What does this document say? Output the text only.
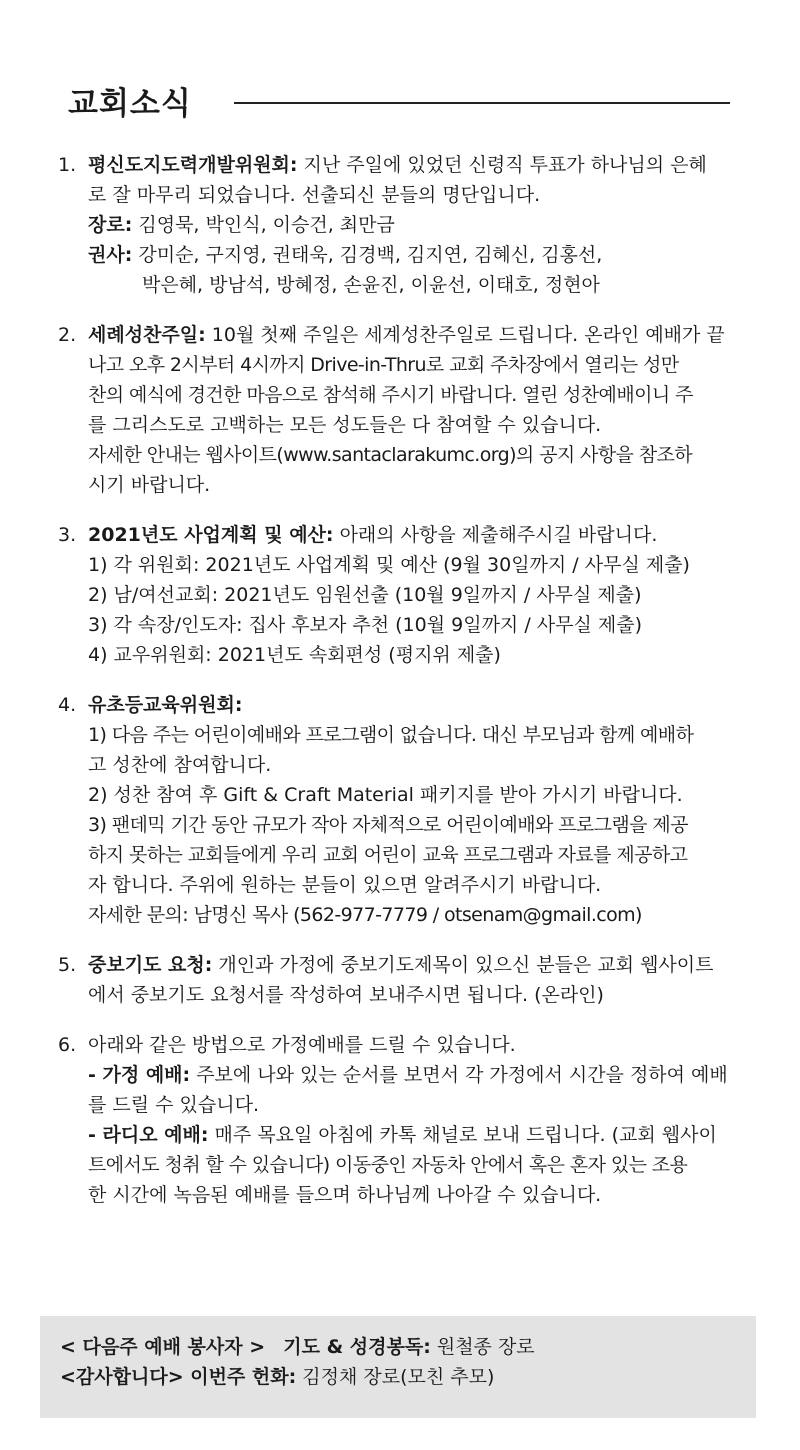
교회소식
1. 평신도지도력개발위원회: 지난 주일에 있었던 신령직 투표가 하나님의 은혜
로 잘 마무리 되었습니다. 선출되신 분들의 명단입니다.
장로: 김영묵, 박인식, 이승건, 최만금
권사: 강미순, 구지영, 권태욱, 김경백, 김지연, 김혜신, 김홍선,
박은혜, 방남석, 방혜정, 손윤진, 이윤선, 이태호, 정현아
2. 세례성찬주일: 10월 첫째 주일은 세계성찬주일로 드립니다. 온라인 예배가 끝
나고 오후 2시부터 4시까지 Drive-in-Thru로 교회 주차장에서 열리는 성만
찬의 예식에 경건한 마음으로 참석해 주시기 바랍니다. 열린 성찬예배이니 주
를 그리스도로 고백하는 모든 성도들은 다 참여할 수 있습니다.
자세한 안내는 웹사이트(www.santaclarakumc.org)의 공지 사항을 참조하
시기 바랍니다.
3. 2021년도 사업계획 및 예산: 아래의 사항을 제출해주시길 바랍니다.
1) 각 위원회: 2021년도 사업계획 및 예산 (9월 30일까지 / 사무실 제출)
2) 남/여선교회: 2021년도 임원선출 (10월 9일까지 / 사무실 제출)
3) 각 속장/인도자: 집사 후보자 추천 (10월 9일까지 / 사무실 제출)
4) 교우위원회: 2021년도 속회편성 (평지위 제출)
4. 유초등교육위원회:
1) 다음 주는 어린이예배와 프로그램이 없습니다. 대신 부모님과 함께 예배하
고 성찬에 참여합니다.
2) 성찬 참여 후 Gift & Craft Material 패키지를 받아 가시기 바랍니다.
3) 팬데믹 기간 동안 규모가 작아 자체적으로 어린이예배와 프로그램을 제공
하지 못하는 교회들에게 우리 교회 어린이 교육 프로그램과 자료를 제공하고
자 합니다. 주위에 원하는 분들이 있으면 알려주시기 바랍니다.
자세한 문의: 남명신 목사 (562-977-7779 / otsenam@gmail.com)
5. 중보기도 요청: 개인과 가정에 중보기도제목이 있으신 분들은 교회 웹사이트
에서 중보기도 요청서를 작성하여 보내주시면 됩니다. (온라인)
6. 아래와 같은 방법으로 가정예배를 드릴 수 있습니다.
- 가정 예배: 주보에 나와 있는 순서를 보면서 각 가정에서 시간을 정하여 예배
를 드릴 수 있습니다.
- 라디오 예배: 매주 목요일 아침에 카톡 채널로 보내 드립니다. (교회 웹사이
트에서도 청취 할 수 있습니다) 이동중인 자동차 안에서 혹은 혼자 있는 조용
한 시간에 녹음된 예배를 들으며 하나님께 나아갈 수 있습니다.
< 다음주 예배 봉사자 > 기도 & 성경봉독: 원철종 장로
<감사합니다> 이번주 헌화: 김정채 장로(모친 추모)
